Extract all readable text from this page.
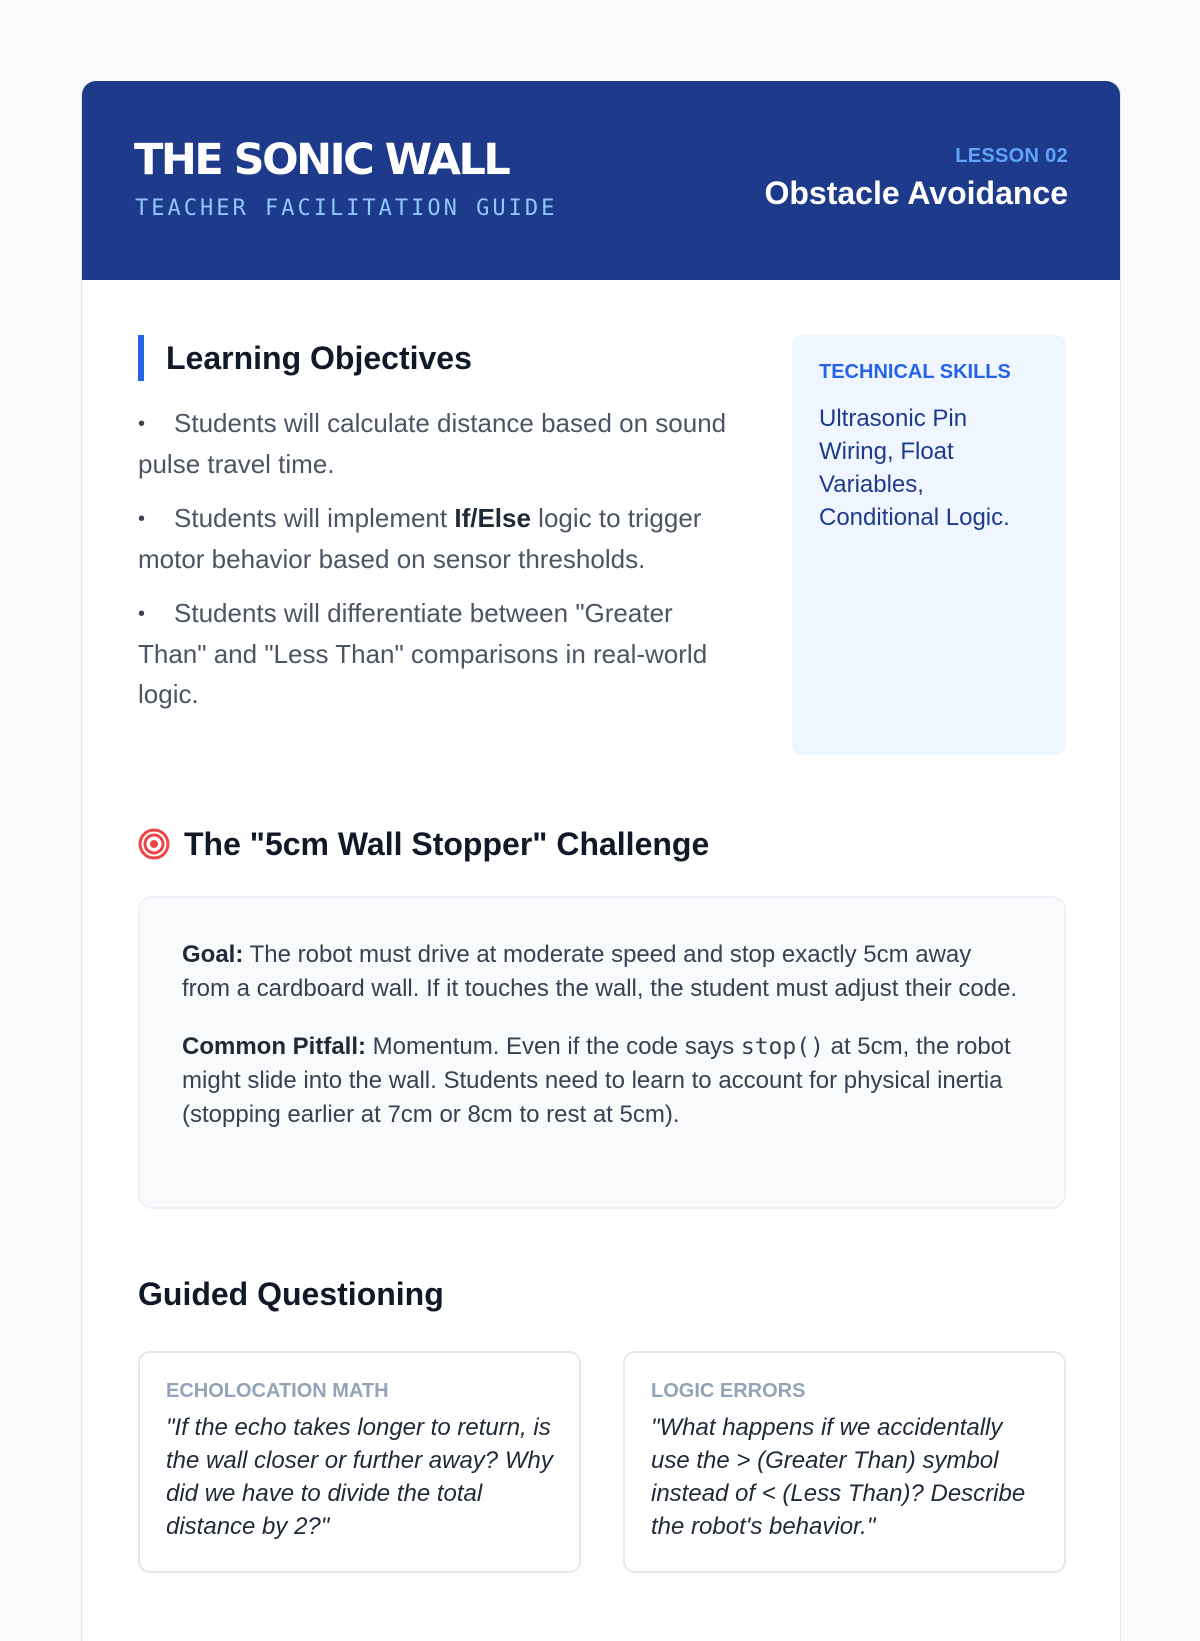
THE SONIC WALL
TEACHER FACILITATION GUIDE
LESSON 02
Obstacle Avoidance
Learning Objectives
• Students will calculate distance based on sound pulse travel time.
• Students will implement If/Else logic to trigger motor behavior based on sensor thresholds.
• Students will differentiate between "Greater Than" and "Less Than" comparisons in real-world logic.
TECHNICAL SKILLS

Ultrasonic Pin Wiring, Float Variables, Conditional Logic.

The "5cm Wall Stopper" Challenge

Goal: The robot must drive at moderate speed and stop exactly 5cm away from a cardboard wall. If it touches the wall, the student must adjust their code.

Common Pitfall: Momentum. Even if the code says stop() at 5cm, the robot might slide into the wall. Students need to learn to account for physical inertia (stopping earlier at 7cm or 8cm to rest at 5cm).

Guided Questioning
ECHOLOCATION MATH

"If the echo takes longer to return, is the wall closer or further away? Why did we have to divide the total distance by 2?"

LOGIC ERRORS

"What happens if we accidentally use the > (Greater Than) symbol instead of < (Less Than)? Describe the robot's behavior."
